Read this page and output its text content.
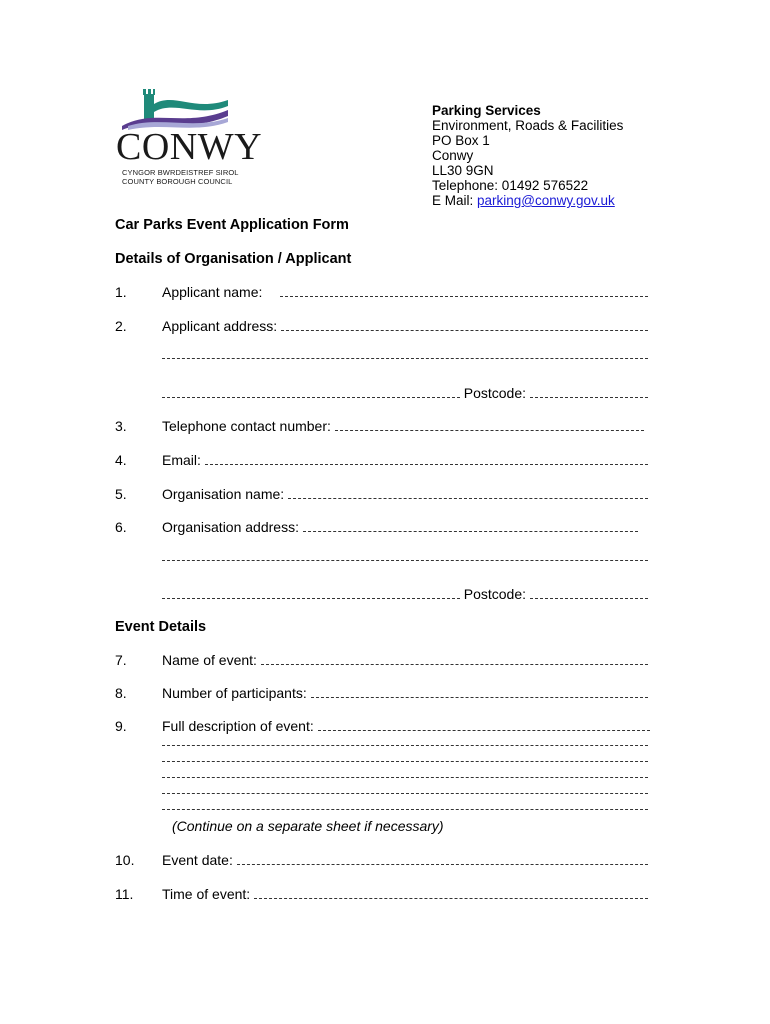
CONWY
CYNGOR BWRDEISTREF SIROL
COUNTY BOROUGH COUNCIL
Parking Services
Environment, Roads & Facilities
PO Box 1
Conwy
LL30 9GN
Telephone: 01492 576522
E Mail: parking@conwy.gov.uk
Car Parks Event Application Form
Details of Organisation / Applicant
1.	Applicant name:
2.	Applicant address:
Postcode:
3.	Telephone contact number:
4.	Email:
5.	Organisation name:
6.	Organisation address:
Postcode:
Event Details
7.	Name of event:
8.	Number of participants:
9.	Full description of event:
(Continue on a separate sheet if necessary)
10. Event date:
11. Time of event:
